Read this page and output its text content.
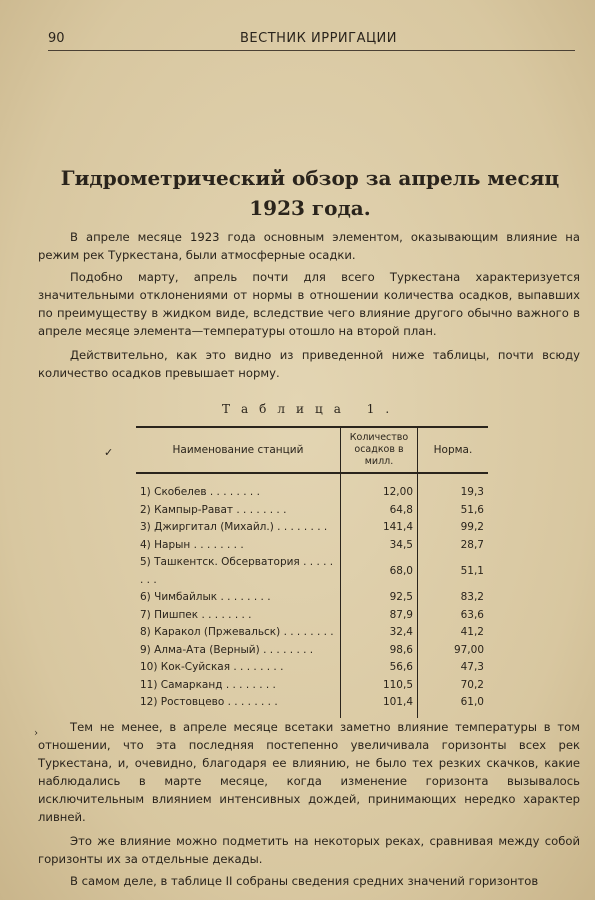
90	ВЕСТНИК ИРРИГАЦИИ
Гидрометрический обзор за апрель месяц 1923 года.

В апреле месяце 1923 года основным элементом, оказывающим влияние на режим рек Туркестана, были атмосферные осадки.

Подобно марту, апрель почти для всего Туркестана характеризуется значительными отклонениями от нормы в отношении количества осадков, выпавших по преимуществу в жидком виде, вследствие чего влияние другого обычно важного в апреле месяце элемента—температуры отошло на второй план.

Действительно, как это видно из приведенной ниже таблицы, почти всюду количество осадков превышает норму.

Таблица 1.
✓	Наименование станций	Количество осадков в милл.	Норма.

1) Скобелев . . .	12,00	19,3
2) Кампыр-Рават . . .	64,8	51,6
3) Джиргитал (Михайл.) . . .	141,4	99,2
4) Нарын . . .	34,5	28,7
5) Ташкентск. Обсерватория . . .	68,0	51,1
6) Чимбайлык . . .	92,5	83,2
7) Пишпек . . .	87,9	63,6
8) Каракол (Пржевальск) . . .	32,4	41,2
9) Алма-Ата (Верный) . . .	98,6	97,00
10) Кок-Суйская . . .	56,6	47,3
11) Самарканд . . .	110,5	70,2
12) Ростовцево . . .	101,4	61,0
›	Тем не менее, в апреле месяце всетаки заметно влияние температуры в том отношении, что эта последняя постепенно увеличивала горизонты всех рек Туркестана, и, очевидно, благодаря ее влиянию, не было тех резких скачков, какие наблюдались в марте месяце, когда изменение горизонта вызывалось исключительным влиянием интенсивных дождей, принимающих нередко характер ливней.

Это же влияние можно подметить на некоторых реках, сравнивая между собой горизонты их за отдельные декады.

В самом деле, в таблице II собраны сведения средних значений горизонтов
